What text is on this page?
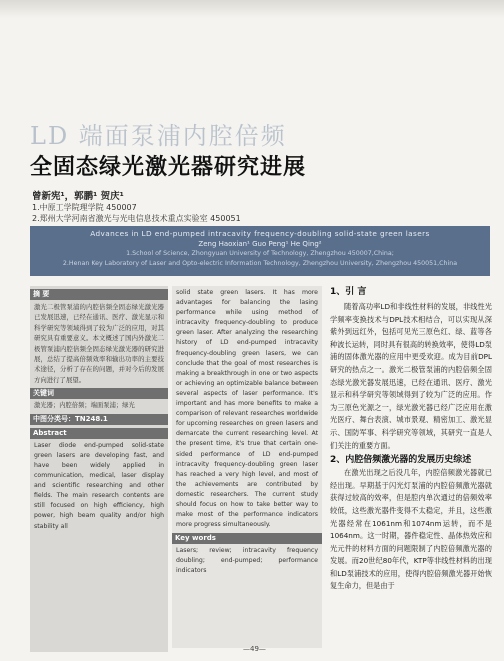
LD 端面泵浦内腔倍频
全固态绿光激光器研究进展
曾新宪¹，郭鹏¹ 贺庆¹
1.中原工学院理学院 450007
2.郑州大学河南省激光与光电信息技术重点实验室 450051
Advances in LD end-pumped intracavity frequency-doubling solid-state green lasers
Zeng Haoxian¹ Guo Peng¹ He Qing²
1.School of Science, Zhongyuan University of Technology, Zhengzhou 450007,China;
2.Henan Key Laboratory of Laser and Opto-electric Information Technology, Zhengzhou University, Zhengzhou 450051,China
摘 要
激光二极管泵浦的内腔倍频全固态绿光激光器已发展迅速，已经在通讯、医疗、激光显示和科学研究等领域得到了较为广泛的应用，对其研究具有重要意义。本文概述了国内外激光二极管泵浦内腔倍频全固态绿光激光器的研究进展，总结了提高倍频效率和输出功率的主要技术途径，分析了存在的问题，并对今后的发展方向进行了展望。
关键词
激光器；内腔倍频；端面泵浦；绿光
中图分类号：TN248.1
Abstract
Laser diode end-pumped solid-state green lasers are developing fast, and have been widely applied in communication, medical, laser display and scientific researching and other fields. The main research contents are still focused on high efficiency, high power, high beam quality and/or high stability all
solid state green lasers. It has more advantages for balancing the lasing performance while using method of intracavity frequency-doubling to produce green laser. After analyzing the researching history of LD end-pumped intracavity frequency-doubling green lasers, we can conclude that the goal of most researches is making a breakthrough in one or two aspects or achieving an optimizable balance between several aspects of laser performance. It's important and has more benefits to make a comparison of relevant researches worldwide for upcoming researches on green lasers and demarcate the current researching level. At the present time, it's true that certain one-sided performance of LD end-pumped intracavity frequency-doubling green laser has reached a very high level, and most of the achievements are contributed by domestic researchers. The current study should focus on how to take better way to make most of the performance indicators more progress simultaneously.
Key words
Lasers; review; intracavity frequency doubling; end-pumped; performance indicators
1、引 言
随着高功率LD和非线性材料的发展，非线性光学频率变换技术与DPL技术相结合，可以实现从深紫外到远红外，包括可见光三原色红、绿、蓝等各种波长运转，同时具有很高的转换效率，使得LD泵浦的固体激光器的应用中更受欢迎。成为目前DPL研究的热点之一。激光二极管泵浦的内腔倍频全固态绿光激光器发展迅速，已经在通讯、医疗、激光显示和科学研究等领域得到了较为广泛的应用。作为三原色光源之一，绿光激光器已经广泛应用在激光医疗、舞台表演、城市景观、精密加工、激光显示、国防军事、科学研究等领域，其研究一直是人们关注的重要方面。
2、内腔倍频激光器的发展历史综述
在激光出现之后没几年，内腔倍频激光器就已经出现。早期基于闪光灯泵浦的内腔倍频激光器就获得过较高的效率，但是腔内单次通过的倍频效率较低，这些激光器件变得不太稳定，并且，这些激光器经常在1061nm和1074nm运转，而不是1064nm。这一时期，器件稳定性、晶体热效应和光元件的材料方面的问题限制了内腔倍频激光器的发展。而20世纪80年代，KTP等非线性材料的出现和LD泵浦技术的应用，使得内腔倍频激光器开始恢复生命力，但是由于
—49—
